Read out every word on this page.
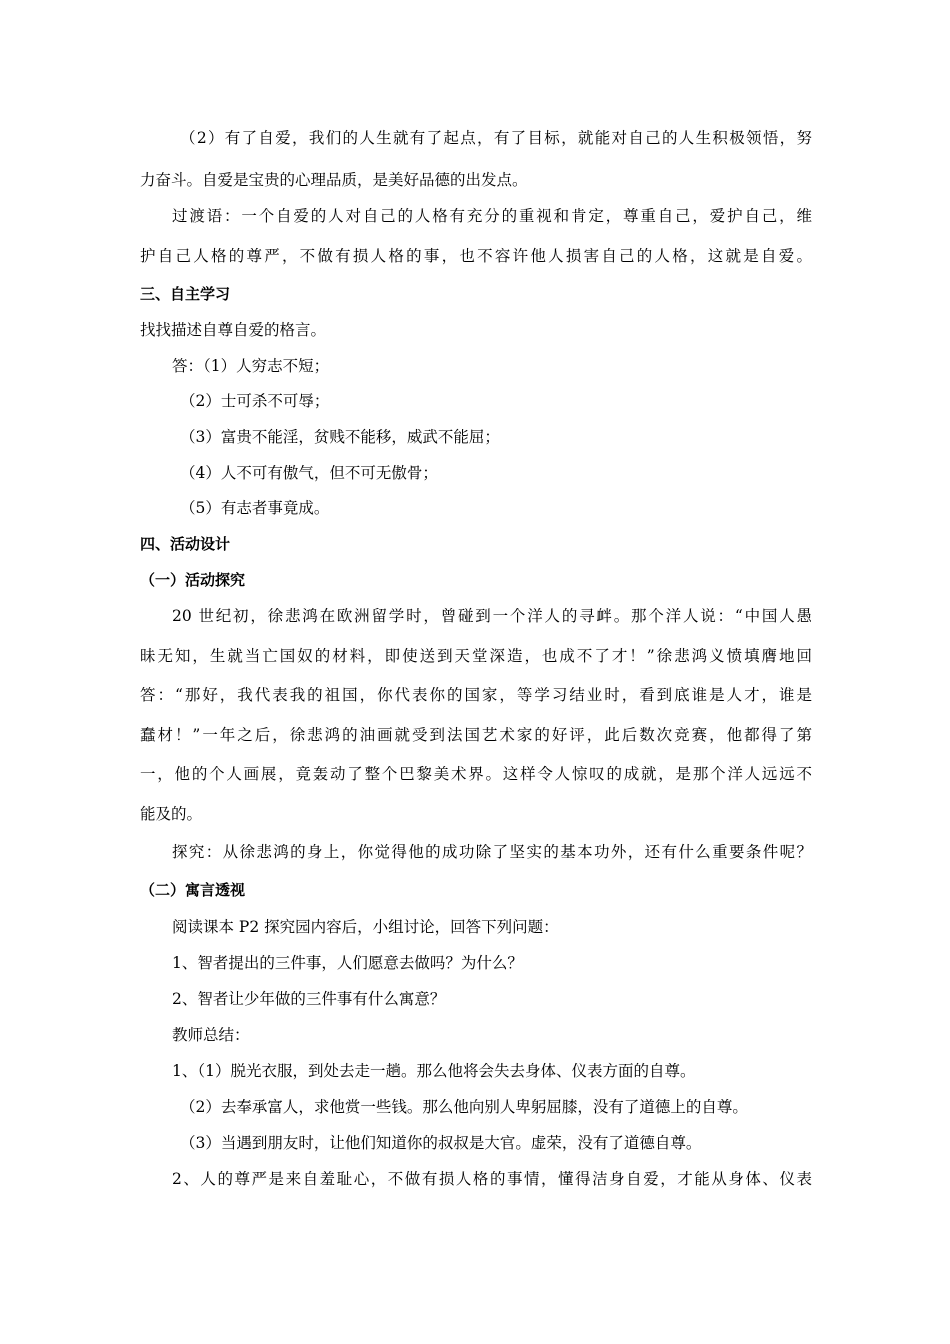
（2）有了自爱，我们的人生就有了起点，有了目标，就能对自己的人生积极领悟，努
力奋斗。自爱是宝贵的心理品质，是美好品德的出发点。
过渡语：一个自爱的人对自己的人格有充分的重视和肯定，尊重自己，爱护自己，维
护自己人格的尊严，不做有损人格的事，也不容许他人损害自己的人格，这就是自爱。
三、自主学习
找找描述自尊自爱的格言。
答：（1）人穷志不短；
（2）士可杀不可辱；
（3）富贵不能淫，贫贱不能移，威武不能屈；
（4）人不可有傲气，但不可无傲骨；
（5）有志者事竟成。
四、活动设计
（一）活动探究
20 世纪初，徐悲鸿在欧洲留学时，曾碰到一个洋人的寻衅。那个洋人说：“中国人愚
昧无知，生就当亡国奴的材料，即使送到天堂深造，也成不了才！”徐悲鸿义愤填膺地回
答：“那好，我代表我的祖国，你代表你的国家，等学习结业时，看到底谁是人才，谁是
蠢材！”一年之后，徐悲鸿的油画就受到法国艺术家的好评，此后数次竞赛，他都得了第
一，他的个人画展，竟轰动了整个巴黎美术界。这样令人惊叹的成就，是那个洋人远远不
能及的。
探究：从徐悲鸿的身上，你觉得他的成功除了坚实的基本功外，还有什么重要条件呢？
（二）寓言透视
阅读课本 P2 探究园内容后，小组讨论，回答下列问题：
1、智者提出的三件事，人们愿意去做吗？为什么？
2、智者让少年做的三件事有什么寓意？
教师总结：
1、（1）脱光衣服，到处去走一趟。那么他将会失去身体、仪表方面的自尊。
（2）去奉承富人，求他赏一些钱。那么他向别人卑躬屈膝，没有了道德上的自尊。
（3）当遇到朋友时，让他们知道你的叔叔是大官。虚荣，没有了道德自尊。
2、人的尊严是来自羞耻心，不做有损人格的事情，懂得洁身自爱，才能从身体、仪表
